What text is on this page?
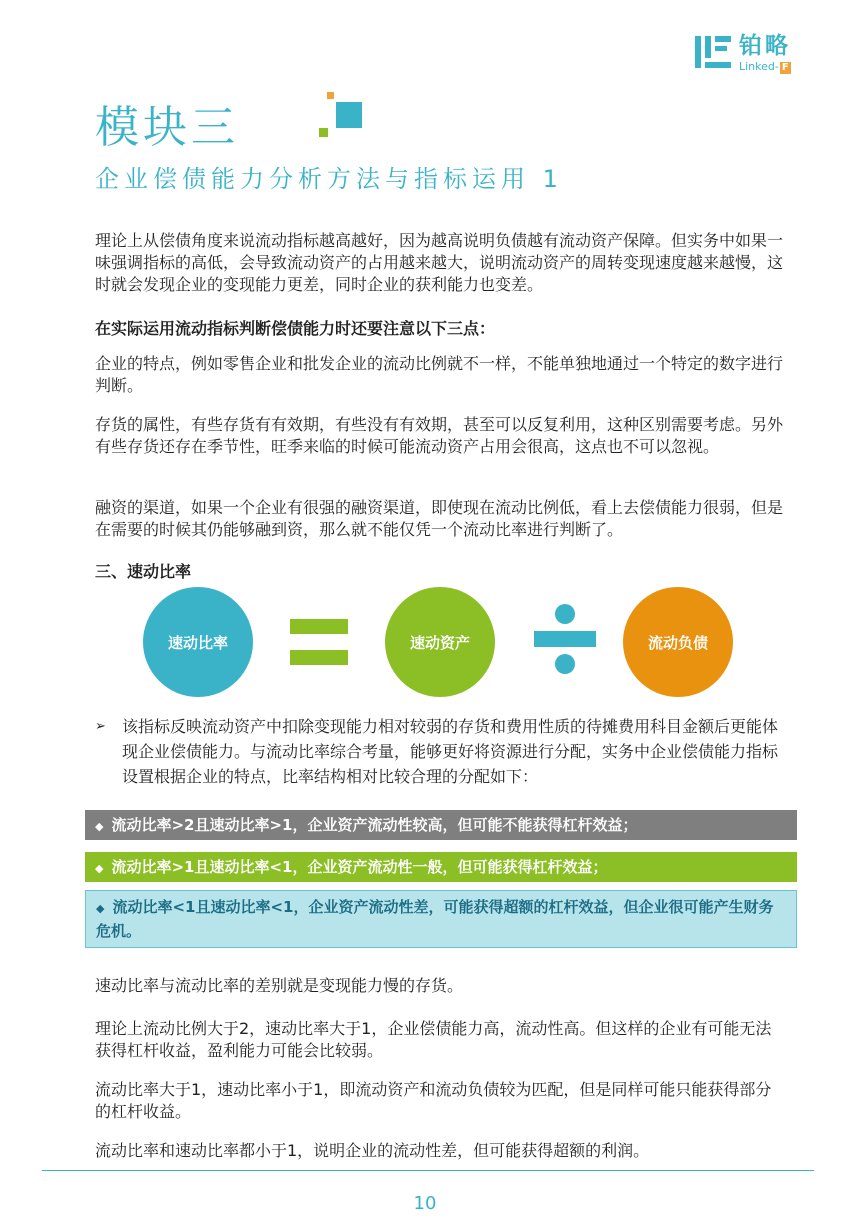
铂略
Linked- F
模块三
企业偿债能力分析方法与指标运用 1
理论上从偿债角度来说流动指标越高越好，因为越高说明负债越有流动资产保障。但实务中如果一味强调指标的高低，会导致流动资产的占用越来越大，说明流动资产的周转变现速度越来越慢，这时就会发现企业的变现能力更差，同时企业的获利能力也变差。
在实际运用流动指标判断偿债能力时还要注意以下三点：
企业的特点，例如零售企业和批发企业的流动比例就不一样，不能单独地通过一个特定的数字进行判断。
存货的属性，有些存货有有效期，有些没有有效期，甚至可以反复利用，这种区别需要考虑。另外有些存货还存在季节性，旺季来临的时候可能流动资产占用会很高，这点也不可以忽视。
融资的渠道，如果一个企业有很强的融资渠道，即使现在流动比例低，看上去偿债能力很弱，但是在需要的时候其仍能够融到资，那么就不能仅凭一个流动比率进行判断了。
三、速动比率
速动比率	速动资产	流动负债
➢ 该指标反映流动资产中扣除变现能力相对较弱的存货和费用性质的待摊费用科目金额后更能体现企业偿债能力。与流动比率综合考量，能够更好将资源进行分配，实务中企业偿债能力指标设置根据企业的特点，比率结构相对比较合理的分配如下：
◆ 流动比率>2且速动比率>1，企业资产流动性较高，但可能不能获得杠杆效益；
◆ 流动比率>1且速动比率<1，企业资产流动性一般，但可能获得杠杆效益；
◆ 流动比率<1且速动比率<1，企业资产流动性差，可能获得超额的杠杆效益，但企业很可能产生财务危机。
速动比率与流动比率的差别就是变现能力慢的存货。
理论上流动比例大于2，速动比率大于1，企业偿债能力高，流动性高。但这样的企业有可能无法获得杠杆收益，盈利能力可能会比较弱。
流动比率大于1，速动比率小于1，即流动资产和流动负债较为匹配，但是同样可能只能获得部分的杠杆收益。
流动比率和速动比率都小于1，说明企业的流动性差，但可能获得超额的利润。
10
